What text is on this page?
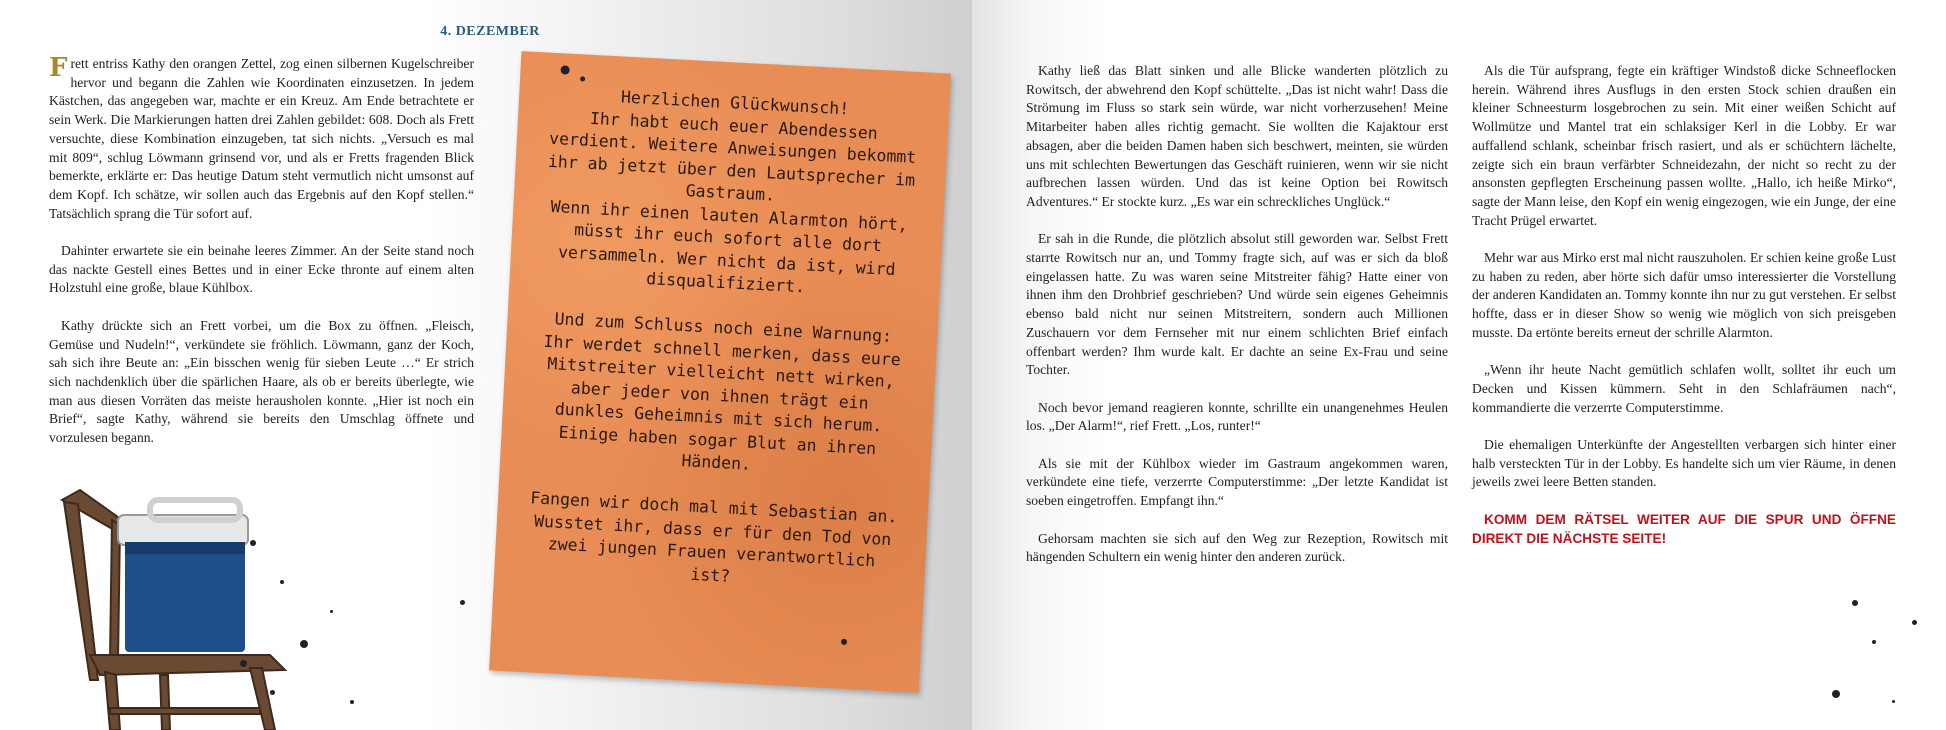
4. DEZEMBER

Frett entriss Kathy den orangen Zettel, zog einen silbernen Kugelschreiber hervor und begann die Zahlen wie Koordinaten einzusetzen. In jedem Kästchen, das angegeben war, machte er ein Kreuz. Am Ende betrachtete er sein Werk. Die Markierungen hatten drei Zahlen gebildet: 608. Doch als Frett versuchte, diese Kombination einzugeben, tat sich nichts. „Versuch es mal mit 809“, schlug Löwmann grinsend vor, und als er Fretts fragenden Blick bemerkte, erklärte er: Das heutige Datum steht vermutlich nicht umsonst auf dem Kopf. Ich schätze, wir sollen auch das Ergebnis auf den Kopf stellen.“ Tatsächlich sprang die Tür sofort auf.

Dahinter erwartete sie ein beinahe leeres Zimmer. An der Seite stand noch das nackte Gestell eines Bettes und in einer Ecke thronte auf einem alten Holzstuhl eine große, blaue Kühlbox.

Kathy drückte sich an Frett vorbei, um die Box zu öffnen. „Fleisch, Gemüse und Nudeln!“, verkündete sie fröhlich. Löwmann, ganz der Koch, sah sich ihre Beute an: „Ein bisschen wenig für sieben Leute …“ Er strich sich nachdenklich über die spärlichen Haare, als ob er bereits überlegte, wie man aus diesen Vorräten das meiste herausholen konnte. „Hier ist noch ein Brief“, sagte Kathy, während sie bereits den Umschlag öffnete und vorzulesen begann.

Herzlichen Glückwunsch!
Ihr habt euch euer Abendessen verdient. Weitere Anweisungen bekommt ihr ab jetzt über den Lautsprecher im Gastraum.
Wenn ihr einen lauten Alarmton hört, müsst ihr euch sofort alle dort versammeln. Wer nicht da ist, wird disqualifiziert.

Und zum Schluss noch eine Warnung: Ihr werdet schnell merken, dass eure Mitstreiter vielleicht nett wirken, aber jeder von ihnen trägt ein dunkles Geheimnis mit sich herum. Einige haben sogar Blut an ihren Händen.

Fangen wir doch mal mit Sebastian an. Wusstet ihr, dass er für den Tod von zwei jungen Frauen verantwortlich ist?

Kathy ließ das Blatt sinken und alle Blicke wanderten plötzlich zu Rowitsch, der abwehrend den Kopf schüttelte. „Das ist nicht wahr! Dass die Strömung im Fluss so stark sein würde, war nicht vorherzusehen! Meine Mitarbeiter haben alles richtig gemacht. Sie wollten die Kajaktour erst absagen, aber die beiden Damen haben sich beschwert, meinten, sie würden uns mit schlechten Bewertungen das Geschäft ruinieren, wenn wir sie nicht aufbrechen lassen würden. Und das ist keine Option bei Rowitsch Adventures.“ Er stockte kurz. „Es war ein schreckliches Unglück.“

Er sah in die Runde, die plötzlich absolut still geworden war. Selbst Frett starrte Rowitsch nur an, und Tommy fragte sich, auf was er sich da bloß eingelassen hatte. Zu was waren seine Mitstreiter fähig? Hatte einer von ihnen ihm den Drohbrief geschrieben? Und würde sein eigenes Geheimnis ebenso bald nicht nur seinen Mitstreitern, sondern auch Millionen Zuschauern vor dem Fernseher mit nur einem schlichten Brief einfach offenbart werden? Ihm wurde kalt. Er dachte an seine Ex-Frau und seine Tochter.

Noch bevor jemand reagieren konnte, schrillte ein unangenehmes Heulen los. „Der Alarm!“, rief Frett. „Los, runter!“

Als sie mit der Kühlbox wieder im Gastraum angekommen waren, verkündete eine tiefe, verzerrte Computerstimme: „Der letzte Kandidat ist soeben eingetroffen. Empfangt ihn.“

Gehorsam machten sie sich auf den Weg zur Rezeption, Rowitsch mit hängenden Schultern ein wenig hinter den anderen zurück.

Als die Tür aufsprang, fegte ein kräftiger Windstoß dicke Schneeflocken herein. Während ihres Ausflugs in den ersten Stock schien draußen ein kleiner Schneesturm losgebrochen zu sein. Mit einer weißen Schicht auf Wollmütze und Mantel trat ein schlaksiger Kerl in die Lobby. Er war auffallend schlank, scheinbar frisch rasiert, und als er schüchtern lächelte, zeigte sich ein braun verfärbter Schneidezahn, der nicht so recht zu der ansonsten gepflegten Erscheinung passen wollte. „Hallo, ich heiße Mirko“, sagte der Mann leise, den Kopf ein wenig eingezogen, wie ein Junge, der eine Tracht Prügel erwartet.

Mehr war aus Mirko erst mal nicht rauszuholen. Er schien keine große Lust zu haben zu reden, aber hörte sich dafür umso interessierter die Vorstellung der anderen Kandidaten an. Tommy konnte ihn nur zu gut verstehen. Er selbst hoffte, dass er in dieser Show so wenig wie möglich von sich preisgeben musste. Da ertönte bereits erneut der schrille Alarmton.

„Wenn ihr heute Nacht gemütlich schlafen wollt, solltet ihr euch um Decken und Kissen kümmern. Seht in den Schlafräumen nach“, kommandierte die verzerrte Computerstimme.

Die ehemaligen Unterkünfte der Angestellten verbargen sich hinter einer halb versteckten Tür in der Lobby. Es handelte sich um vier Räume, in denen jeweils zwei leere Betten standen.

KOMM DEM RÄTSEL WEITER AUF DIE SPUR UND ÖFFNE DIREKT DIE NÄCHSTE SEITE!
